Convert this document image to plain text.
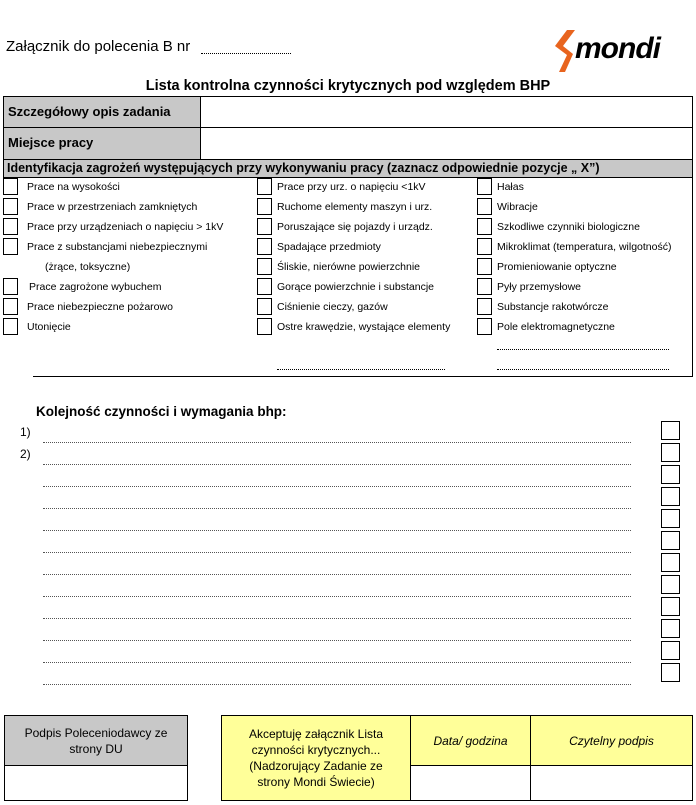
Załącznik do polecenia B nr	mondi
Lista kontrolna czynności krytycznych pod względem BHP
Szczegółowy opis zadania
Miejsce pracy
Identyfikacja zagrożeń występujących przy wykonywaniu pracy (zaznacz odpowiednie pozycje „ X”)
Prace na wysokości
Prace w przestrzeniach zamkniętych
Prace przy urządzeniach o napięciu > 1kV
Prace z substancjami niebezpiecznymi
(żrące, toksyczne)
Prace zagrożone wybuchem
Prace niebezpieczne pożarowo
Utonięcie
Prace przy urz. o napięciu <1kV
Ruchome elementy maszyn i urz.
Poruszające się pojazdy i urządz.
Spadające przedmioty
Śliskie, nierówne powierzchnie
Gorące powierzchnie i substancje
Ciśnienie cieczy, gazów
Ostre krawędzie, wystające elementy
Hałas
Wibracje
Szkodliwe czynniki biologiczne
Mikroklimat (temperatura, wilgotność)
Promieniowanie optyczne
Pyły przemysłowe
Substancje rakotwórcze
Pole elektromagnetyczne
Kolejność czynności i wymagania bhp:
1)
2)
Podpis Poleceniodawcy ze strony DU
Akceptuję załącznik Lista czynności krytycznych... (Nadzorujący Zadanie ze strony Mondi Świecie)
Data/ godzina	Czytelny podpis
